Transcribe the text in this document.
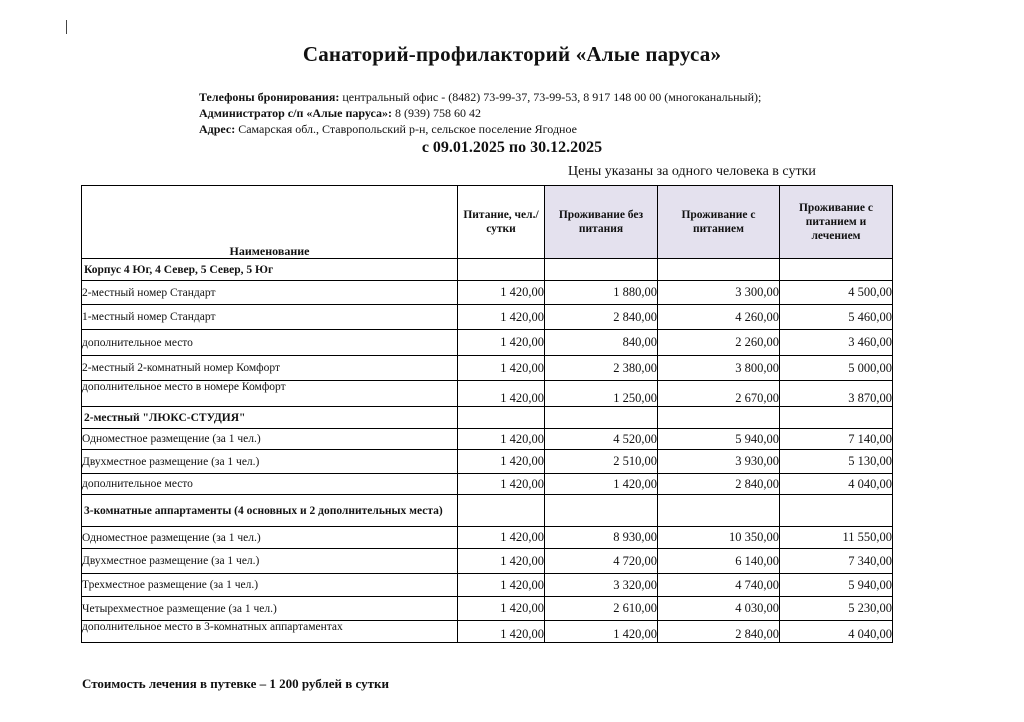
Санаторий-профилакторий «Алые паруса»
Телефоны бронирования: центральный офис - (8482) 73-99-37, 73-99-53, 8 917 148 00 00 (многоканальный);
Администратор с/п «Алые паруса»: 8 (939) 758 60 42
Адрес: Самарская обл., Ставропольский р-н, сельское поселение Ягодное
с 09.01.2025 по 30.12.2025
Цены указаны за одного человека в сутки
Наименование	Питание, чел./сутки	Проживание без питания	Проживание с питанием	Проживание с питанием и лечением
Корпус 4 Юг, 4 Север, 5 Север, 5 Юг				
2-местный номер Стандарт	1 420,00	1 880,00	3 300,00	4 500,00
1-местный номер Стандарт	1 420,00	2 840,00	4 260,00	5 460,00
дополнительное место	1 420,00	840,00	2 260,00	3 460,00
2-местный 2-комнатный номер Комфорт	1 420,00	2 380,00	3 800,00	5 000,00
дополнительное место в номере Комфорт	1 420,00	1 250,00	2 670,00	3 870,00
2-местный "ЛЮКС-СТУДИЯ"				
Одноместное размещение (за 1 чел.)	1 420,00	4 520,00	5 940,00	7 140,00
Двухместное размещение (за 1 чел.)	1 420,00	2 510,00	3 930,00	5 130,00
дополнительное место	1 420,00	1 420,00	2 840,00	4 040,00
3-комнатные аппартаменты (4 основных и 2 дополнительных места)				
Одноместное размещение (за 1 чел.)	1 420,00	8 930,00	10 350,00	11 550,00
Двухместное размещение (за 1 чел.)	1 420,00	4 720,00	6 140,00	7 340,00
Трехместное размещение (за 1 чел.)	1 420,00	3 320,00	4 740,00	5 940,00
Четырехместное размещение (за 1 чел.)	1 420,00	2 610,00	4 030,00	5 230,00
дополнительное место в 3-комнатных аппартаментах	1 420,00	1 420,00	2 840,00	4 040,00
Стоимость лечения в путевке – 1 200 рублей в сутки
